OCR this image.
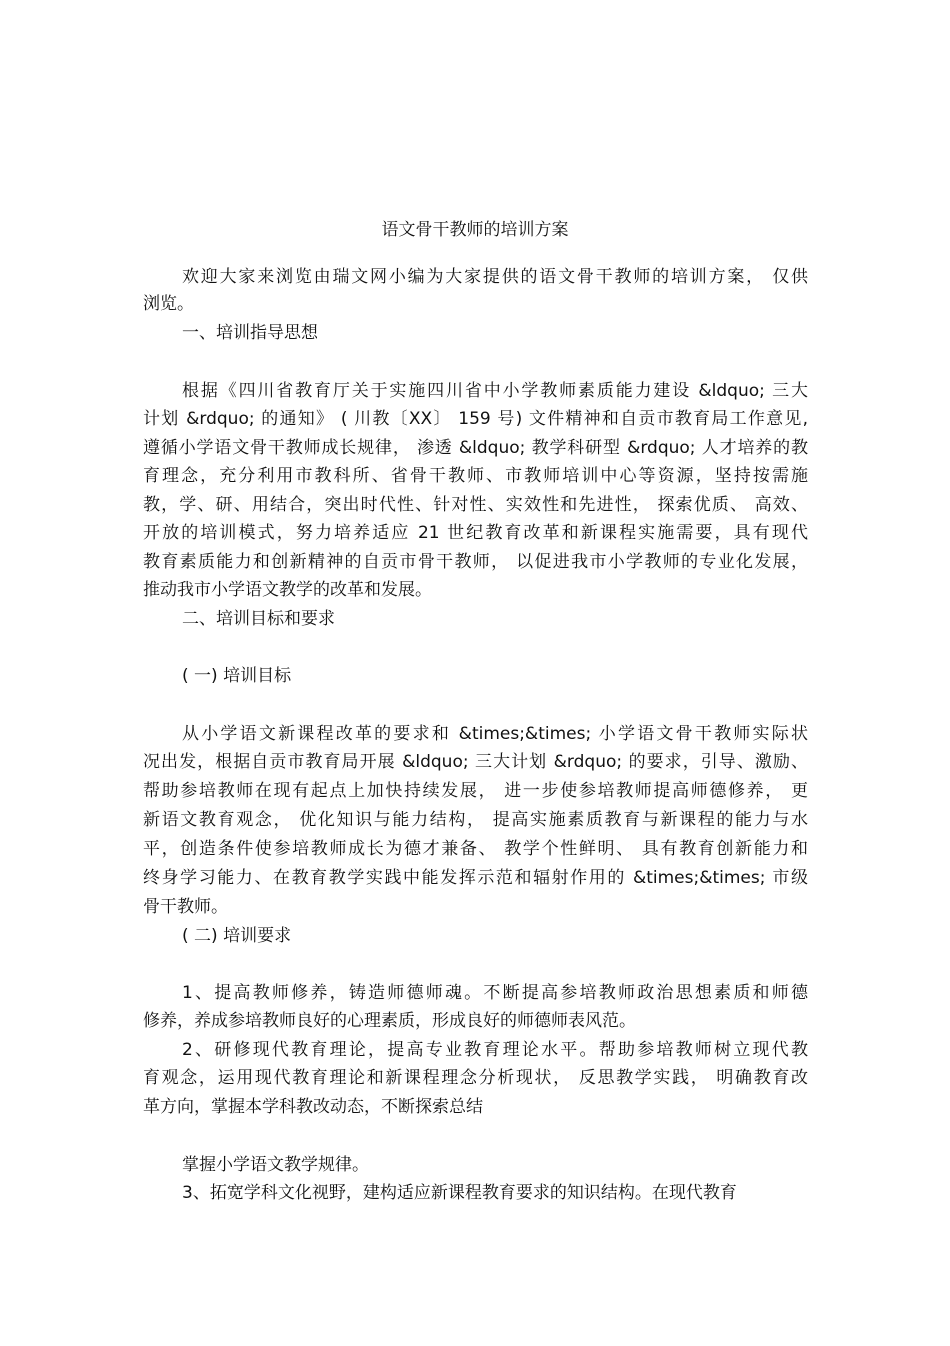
语文骨干教师的培训方案
欢迎大家来浏览由瑞文网小编为大家提供的语文骨干教师的培训方案， 仅供
浏览。
一、培训指导思想
根据《四川省教育厅关于实施四川省中小学教师素质能力建设 &ldquo; 三大
计划 &rdquo; 的通知》 ( 川教〔XX〕 159 号) 文件精神和自贡市教育局工作意见,
遵循小学语文骨干教师成长规律， 渗透 &ldquo; 教学科研型 &rdquo; 人才培养的教
育理念，充分利用市教科所、省骨干教师、市教师培训中心等资源，坚持按需施
教，学、研、用结合，突出时代性、针对性、实效性和先进性， 探索优质、 高效、
开放的培训模式，努力培养适应 21 世纪教育改革和新课程实施需要，具有现代
教育素质能力和创新精神的自贡市骨干教师， 以促进我市小学教师的专业化发展，
推动我市小学语文教学的改革和发展。
二、培训目标和要求
( 一) 培训目标
从小学语文新课程改革的要求和 &times;&times; 小学语文骨干教师实际状
况出发，根据自贡市教育局开展 &ldquo; 三大计划 &rdquo; 的要求，引导、激励、
帮助参培教师在现有起点上加快持续发展， 进一步使参培教师提高师德修养， 更
新语文教育观念， 优化知识与能力结构， 提高实施素质教育与新课程的能力与水
平，创造条件使参培教师成长为德才兼备、 教学个性鲜明、 具有教育创新能力和
终身学习能力、在教育教学实践中能发挥示范和辐射作用的 &times;&times; 市级
骨干教师。
( 二) 培训要求
1、提高教师修养，铸造师德师魂。不断提高参培教师政治思想素质和师德
修养，养成参培教师良好的心理素质，形成良好的师德师表风范。
2、研修现代教育理论，提高专业教育理论水平。帮助参培教师树立现代教
育观念，运用现代教育理论和新课程理念分析现状， 反思教学实践， 明确教育改
革方向，掌握本学科教改动态，不断探索总结
掌握小学语文教学规律。
3、拓宽学科文化视野，建构适应新课程教育要求的知识结构。在现代教育
